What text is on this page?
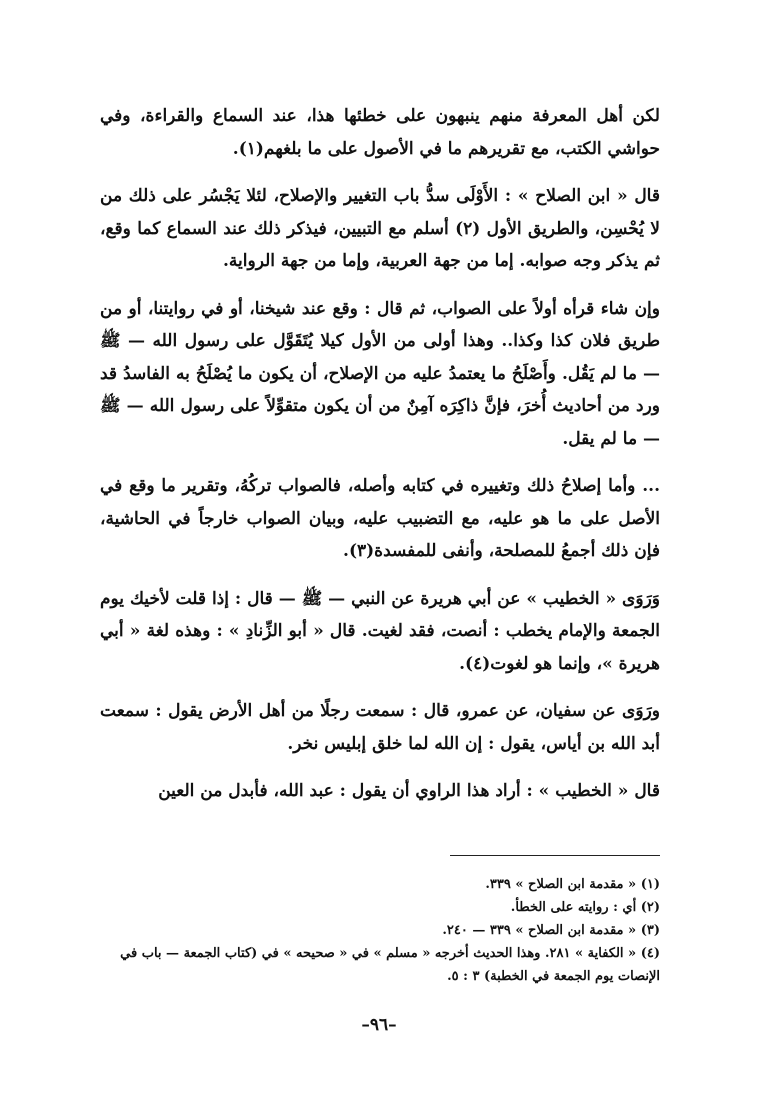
لكن أهل المعرفة منهم ينبهون على خطئها هذا، عند السماع والقراءة، وفي حواشي الكتب، مع تقريرهم ما في الأصول على ما بلغهم(١).

قال « ابن الصلاح » : الأَوْلَى سدُّ باب التغيير والإصلاح، لئلا يَجْسُر على ذلك من لا يُحْسِن، والطريق الأول (٢) أسلم مع التبيين، فيذكر ذلك عند السماع كما وقع، ثم يذكر وجه صوابه. إما من جهة العربية، وإما من جهة الرواية.

وإن شاء قرأه أولاً على الصواب، ثم قال : وقع عند شيخنا، أو في روايتنا، أو من طريق فلان كذا وكذا.. وهذا أولى من الأول كيلا يُتَقَوَّل على رسول الله — ﷺ — ما لم يَقُل. وأَصْلَحُ ما يعتمدُ عليه من الإصلاح، أن يكون ما يُصْلَحُ به الفاسدُ قد ورد من أحاديث أُخرَ، فإنَّ ذاكِرَه آمِنٌ من أن يكون متقوِّلاً على رسول الله — ﷺ — ما لم يقل.

... وأما إصلاحُ ذلك وتغييره في كتابه وأصله، فالصواب تركُهُ، وتقرير ما وقع في الأصل على ما هو عليه، مع التضبيب عليه، وبيان الصواب خارجاً في الحاشية، فإن ذلك أجمعُ للمصلحة، وأنفى للمفسدة(٣).

وَرَوَى « الخطيب » عن أبي هريرة عن النبي — ﷺ — قال : إذا قلت لأخيك يوم الجمعة والإمام يخطب : أنصت، فقد لغيت. قال « أبو الزِّنادِ » : وهذه لغة « أبي هريرة »، وإنما هو لغوت(٤).

ورَوَى عن سفيان، عن عمرو، قال : سمعت رجلًا من أهل الأرض يقول : سمعت أبد الله بن أياس، يقول : إن الله لما خلق إبليس نخر.

قال « الخطيب » : أراد هذا الراوي أن يقول : عبد الله، فأبدل من العين

(١) « مقدمة ابن الصلاح » ٣٣٩.

(٢) أي : روايته على الخطأ.

(٣) « مقدمة ابن الصلاح » ٣٣٩ — ٢٤٠.

(٤) « الكفاية » ٢٨١. وهذا الحديث أخرجه « مسلم » في « صحيحه » في (كتاب الجمعة — باب في الإنصات يوم الجمعة في الخطبة) ٣ : ٥.

–٩٦–
